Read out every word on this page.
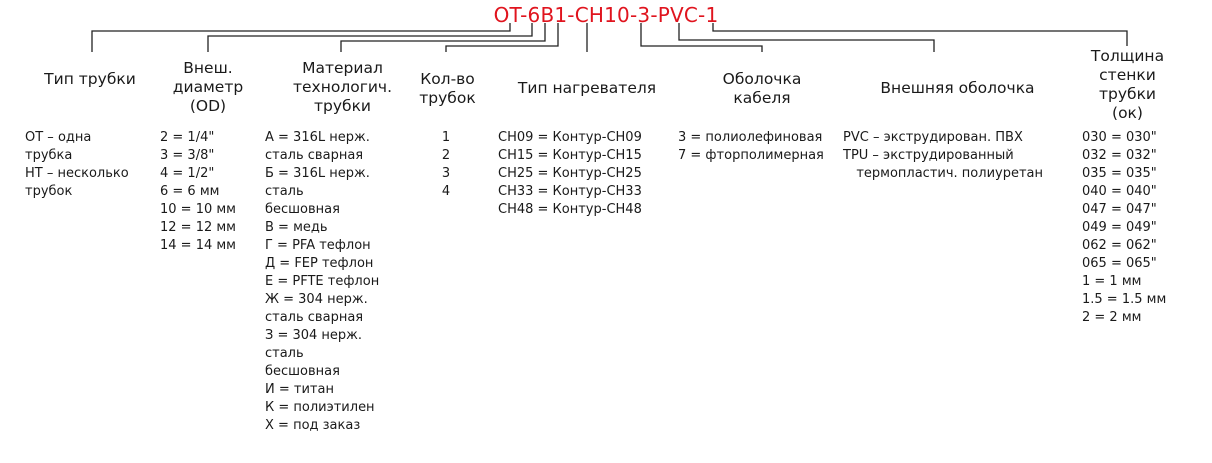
OT-6B1-CH10-3-PVC-1
Тип трубки
OT – одна
трубка
НТ – несколько
трубок
Внеш.
диаметр
(OD)
2 = 1/4"
3 = 3/8"
4 = 1/2"
6 = 6 мм
10 = 10 мм
12 = 12 мм
14 = 14 мм
Материал
технологич.
трубки
А = 316L нерж.
сталь сварная
Б = 316L нерж.
сталь
бесшовная
В = медь
Г = PFA тефлон
Д = FEP тефлон
Е = PFTE тефлон
Ж = 304 нерж.
сталь сварная
З = 304 нерж.
сталь
бесшовная
И = титан
К = полиэтилен
Х = под заказ
Кол-во
трубок
1
2
3
4
Тип нагревателя
CH09 = Контур-CH09
CH15 = Контур-CH15
CH25 = Контур-CH25
CH33 = Контур-CH33
CH48 = Контур-CH48
Оболочка
кабеля
3 = полиолефиновая
7 = фторполимерная
Внешняя оболочка
PVC – экструдирован. ПВХ
TPU – экструдированный
термопластич. полиуретан
Толщина
стенки
трубки
(ок)
030 = 030"
032 = 032"
035 = 035"
040 = 040"
047 = 047"
049 = 049"
062 = 062"
065 = 065"
1 = 1 мм
1.5 = 1.5 мм
2 = 2 мм
